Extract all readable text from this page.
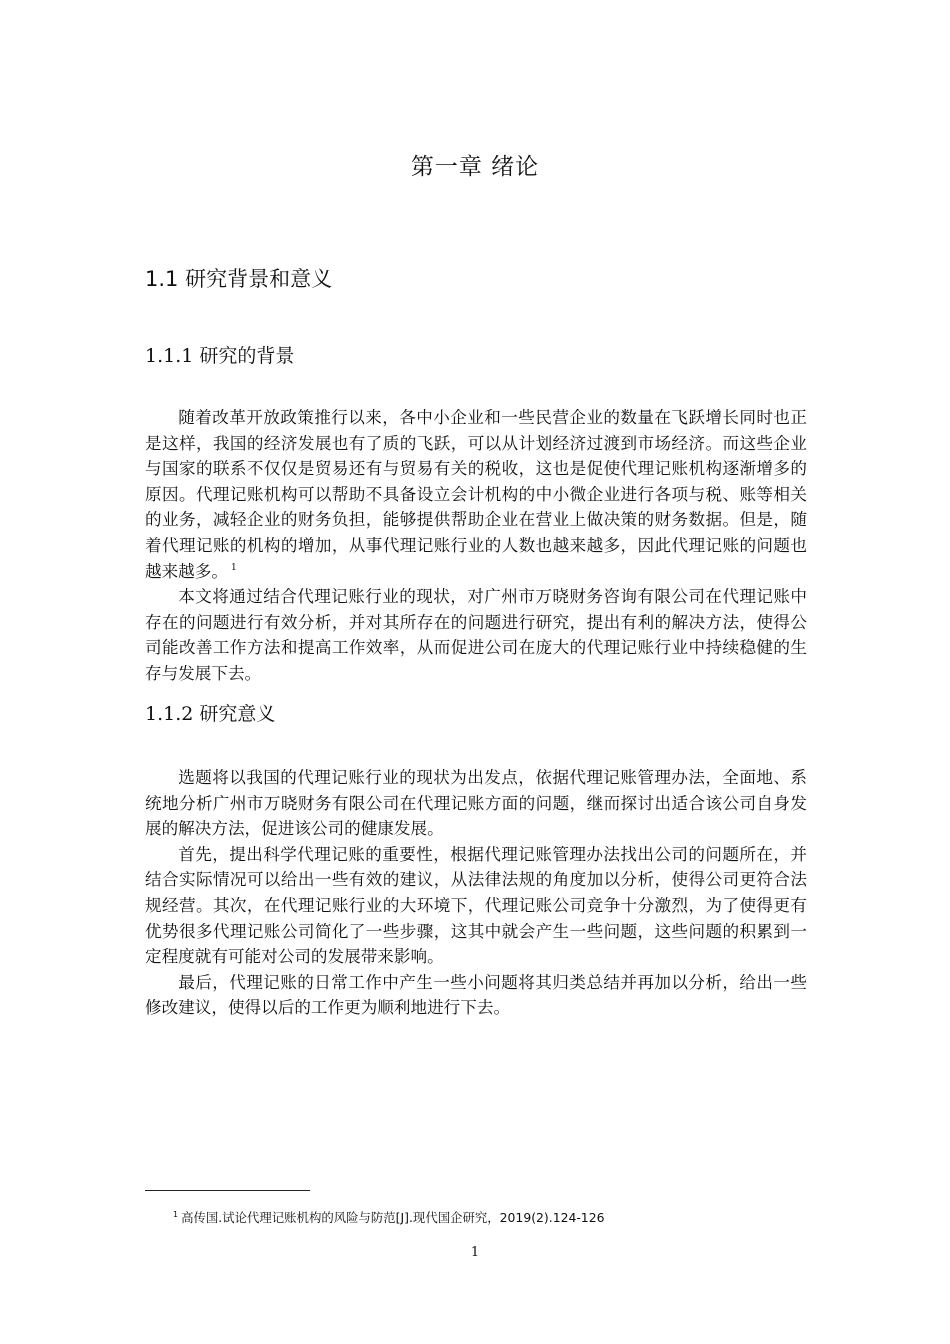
第一章 绪论
1.1 研究背景和意义
1.1.1 研究的背景

随着改革开放政策推行以来，各中小企业和一些民营企业的数量在飞跃增长同时也正是这样，我国的经济发展也有了质的飞跃，可以从计划经济过渡到市场经济。而这些企业与国家的联系不仅仅是贸易还有与贸易有关的税收，这也是促使代理记账机构逐渐增多的原因。代理记账机构可以帮助不具备设立会计机构的中小微企业进行各项与税、账等相关的业务，减轻企业的财务负担，能够提供帮助企业在营业上做决策的财务数据。但是，随着代理记账的机构的增加，从事代理记账行业的人数也越来越多，因此代理记账的问题也越来越多。 $^1$

本文将通过结合代理记账行业的现状，对广州市万晓财务咨询有限公司在代理记账中存在的问题进行有效分析，并对其所存在的问题进行研究，提出有利的解决方法，使得公司能改善工作方法和提高工作效率，从而促进公司在庞大的代理记账行业中持续稳健的生存与发展下去。

1.1.2 研究意义

选题将以我国的代理记账行业的现状为出发点，依据代理记账管理办法，全面地、系统地分析广州市万晓财务有限公司在代理记账方面的问题，继而探讨出适合该公司自身发展的解决方法，促进该公司的健康发展。

首先，提出科学代理记账的重要性，根据代理记账管理办法找出公司的问题所在，并结合实际情况可以给出一些有效的建议，从法律法规的角度加以分析，使得公司更符合法规经营。其次，在代理记账行业的大环境下，代理记账公司竞争十分激烈，为了使得更有优势很多代理记账公司简化了一些步骤，这其中就会产生一些问题，这些问题的积累到一定程度就有可能对公司的发展带来影响。

最后，代理记账的日常工作中产生一些小问题将其归类总结并再加以分析，给出一些修改建议，使得以后的工作更为顺利地进行下去。

$^1$ 高传国.试论代理记账机构的风险与防范[J].现代国企研究，2019(2).124-126
1
